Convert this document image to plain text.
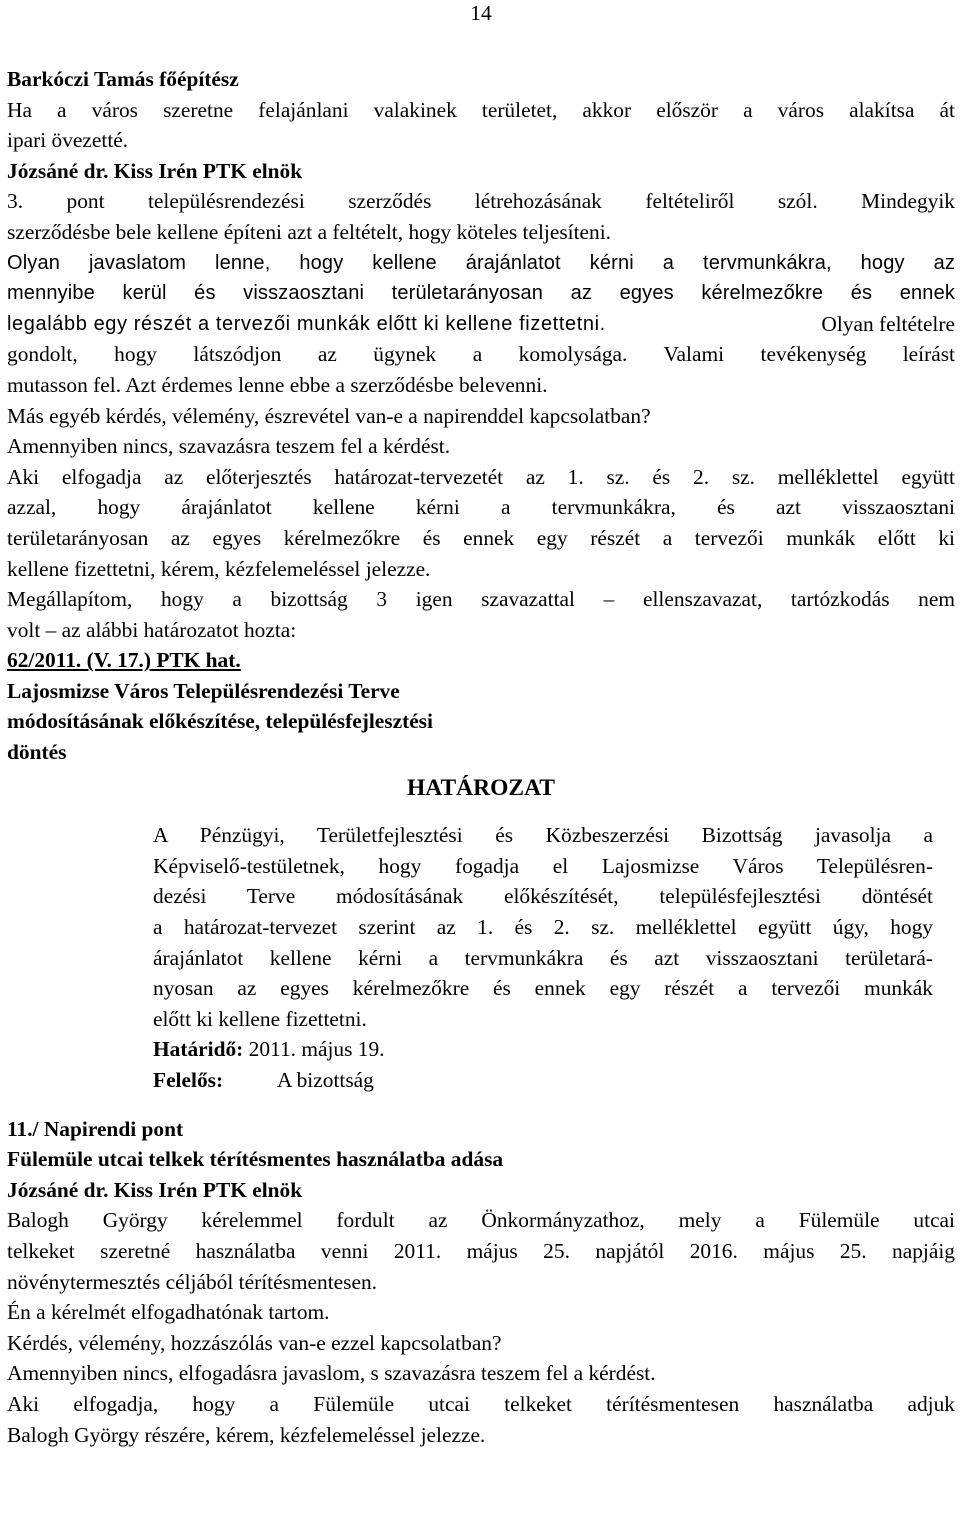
14
Barkóczi Tamás főépítész
Ha a város szeretne felajánlani valakinek területet, akkor először a város alakítsa át
ipari övezetté.
Józsáné dr. Kiss Irén PTK elnök
3. pont településrendezési szerződés létrehozásának feltételiről szól. Mindegyik
szerződésbe bele kellene építeni azt a feltételt, hogy köteles teljesíteni.
Olyan javaslatom lenne, hogy kellene árajánlatot kérni a tervmunkákra, hogy az
mennyibe kerül és visszaosztani területarányosan az egyes kérelmezőkre és ennek
legalább egy részét a tervezői munkák előtt ki kellene fizettetni.	Olyan feltételre
gondolt, hogy látszódjon az ügynek a komolysága. Valami tevékenység leírást
mutasson fel. Azt érdemes lenne ebbe a szerződésbe belevenni.
Más egyéb kérdés, vélemény, észrevétel van-e a napirenddel kapcsolatban?
Amennyiben nincs, szavazásra teszem fel a kérdést.
Aki elfogadja az előterjesztés határozat-tervezetét az 1. sz. és 2. sz. melléklettel együtt
azzal, hogy árajánlatot kellene kérni a tervmunkákra, és azt visszaosztani
területarányosan az egyes kérelmezőkre és ennek egy részét a tervezői munkák előtt ki
kellene fizettetni, kérem, kézfelemeléssel jelezze.
Megállapítom, hogy a bizottság 3 igen szavazattal – ellenszavazat, tartózkodás nem
volt – az alábbi határozatot hozta:
62/2011. (V. 17.) PTK hat.
Lajosmizse Város Településrendezési Terve
módosításának előkészítése, településfejlesztési
döntés
HATÁROZAT
A Pénzügyi, Területfejlesztési és Közbeszerzési Bizottság javasolja a
Képviselő-testületnek, hogy fogadja el Lajosmizse Város Településren-
dezési Terve módosításának előkészítését, településfejlesztési döntését
a határozat-tervezet szerint az 1. és 2. sz. melléklettel együtt úgy, hogy
árajánlatot kellene kérni a tervmunkákra és azt visszaosztani területará-
nyosan az egyes kérelmezőkre és ennek egy részét a tervezői munkák
előtt ki kellene fizettetni.
Határidő: 2011. május 19.
Felelős:	A bizottság
11./ Napirendi pont
Fülemüle utcai telkek térítésmentes használatba adása
Józsáné dr. Kiss Irén PTK elnök
Balogh György kérelemmel fordult az Önkormányzathoz, mely a Fülemüle utcai
telkeket szeretné használatba venni 2011. május 25. napjától 2016. május 25. napjáig
növénytermesztés céljából térítésmentesen.
Én a kérelmét elfogadhatónak tartom.
Kérdés, vélemény, hozzászólás van-e ezzel kapcsolatban?
Amennyiben nincs, elfogadásra javaslom, s szavazásra teszem fel a kérdést.
Aki elfogadja, hogy a Fülemüle utcai telkeket térítésmentesen használatba adjuk
Balogh György részére, kérem, kézfelemeléssel jelezze.
